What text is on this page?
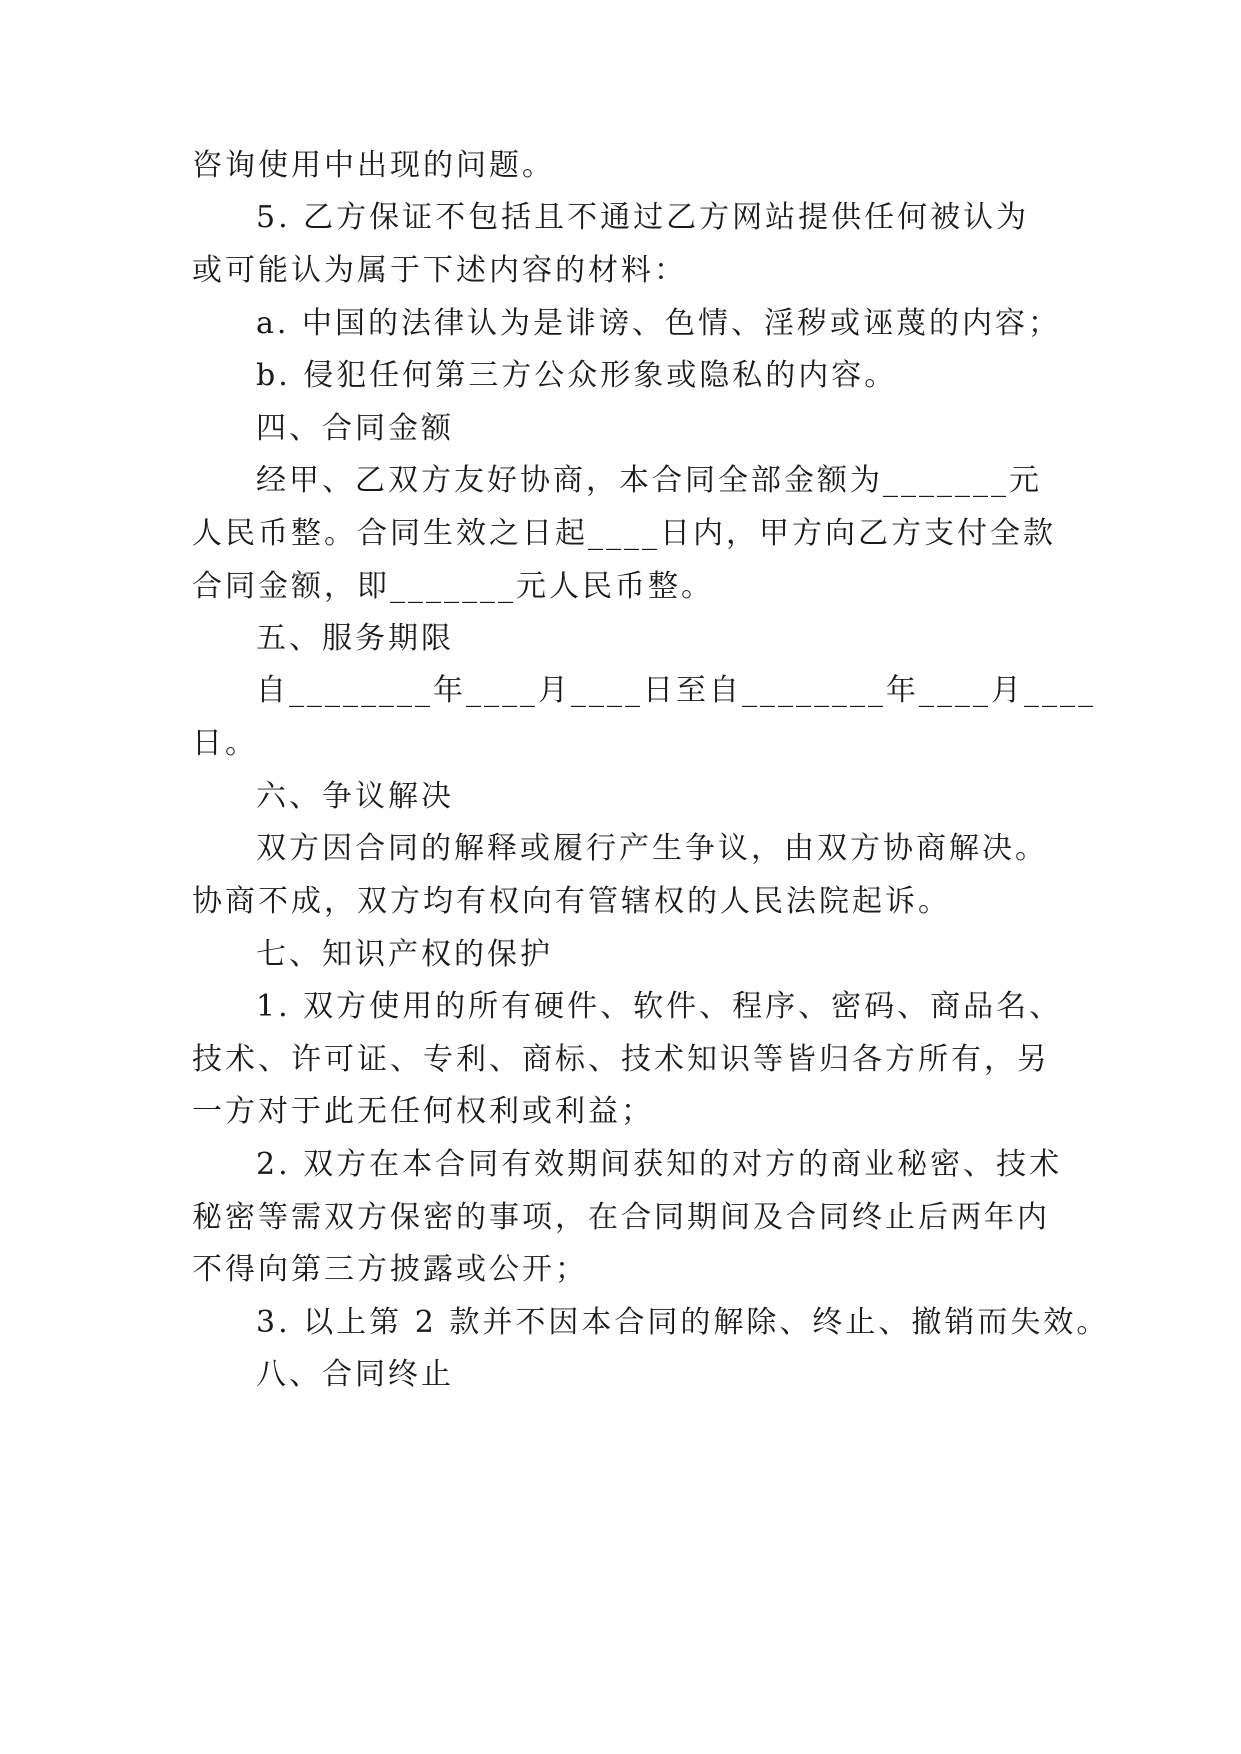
咨询使用中出现的问题。
5. 乙方保证不包括且不通过乙方网站提供任何被认为
或可能认为属于下述内容的材料：
a. 中国的法律认为是诽谤、色情、淫秽或诬蔑的内容；
b. 侵犯任何第三方公众形象或隐私的内容。
四、合同金额
经甲、乙双方友好协商，本合同全部金额为_______元
人民币整。合同生效之日起____日内，甲方向乙方支付全款
合同金额，即_______元人民币整。
五、服务期限
自________年____月____日至自________年____月____
日。
六、争议解决
双方因合同的解释或履行产生争议，由双方协商解决。
协商不成，双方均有权向有管辖权的人民法院起诉。
七、知识产权的保护
1. 双方使用的所有硬件、软件、程序、密码、商品名、
技术、许可证、专利、商标、技术知识等皆归各方所有，另
一方对于此无任何权利或利益；
2. 双方在本合同有效期间获知的对方的商业秘密、技术
秘密等需双方保密的事项，在合同期间及合同终止后两年内
不得向第三方披露或公开；
3. 以上第 2 款并不因本合同的解除、终止、撤销而失效。
八、合同终止
